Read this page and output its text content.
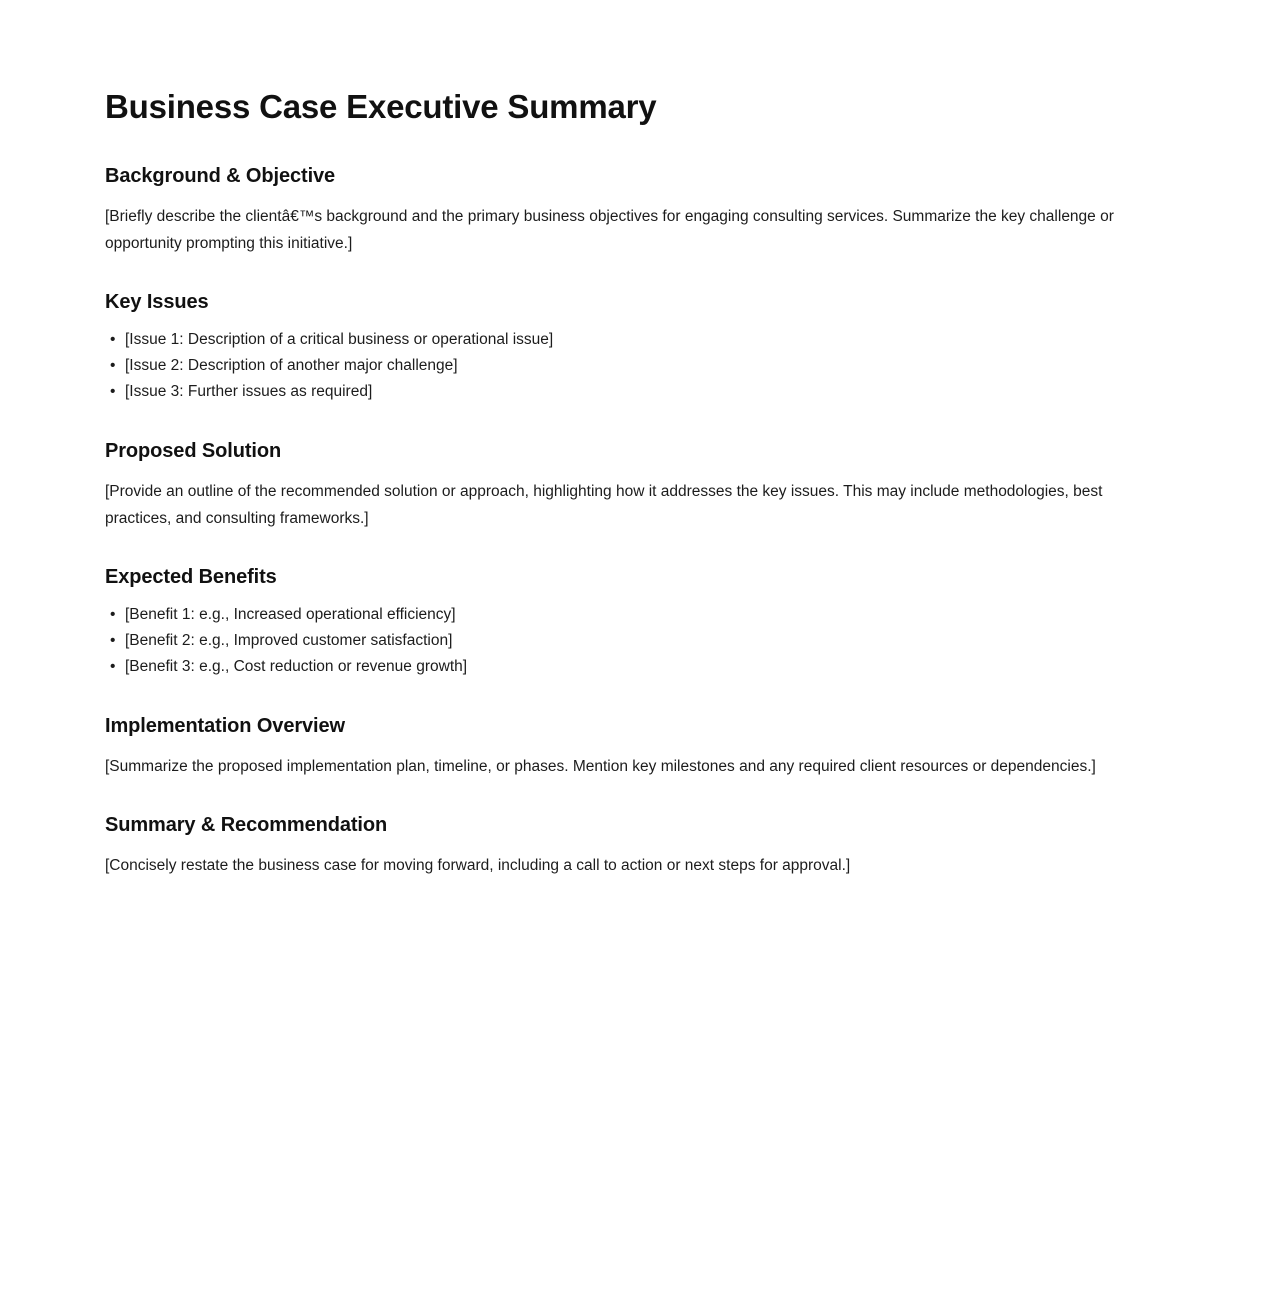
Business Case Executive Summary
Background & Objective

[Briefly describe the clientâ€™s background and the primary business objectives for engaging consulting services. Summarize the key challenge or opportunity prompting this initiative.]

Key Issues
• [Issue 1: Description of a critical business or operational issue]
• [Issue 2: Description of another major challenge]
• [Issue 3: Further issues as required]
Proposed Solution

[Provide an outline of the recommended solution or approach, highlighting how it addresses the key issues. This may include methodologies, best practices, and consulting frameworks.]

Expected Benefits
• [Benefit 1: e.g., Increased operational efficiency]
• [Benefit 2: e.g., Improved customer satisfaction]
• [Benefit 3: e.g., Cost reduction or revenue growth]
Implementation Overview

[Summarize the proposed implementation plan, timeline, or phases. Mention key milestones and any required client resources or dependencies.]

Summary & Recommendation

[Concisely restate the business case for moving forward, including a call to action or next steps for approval.]
